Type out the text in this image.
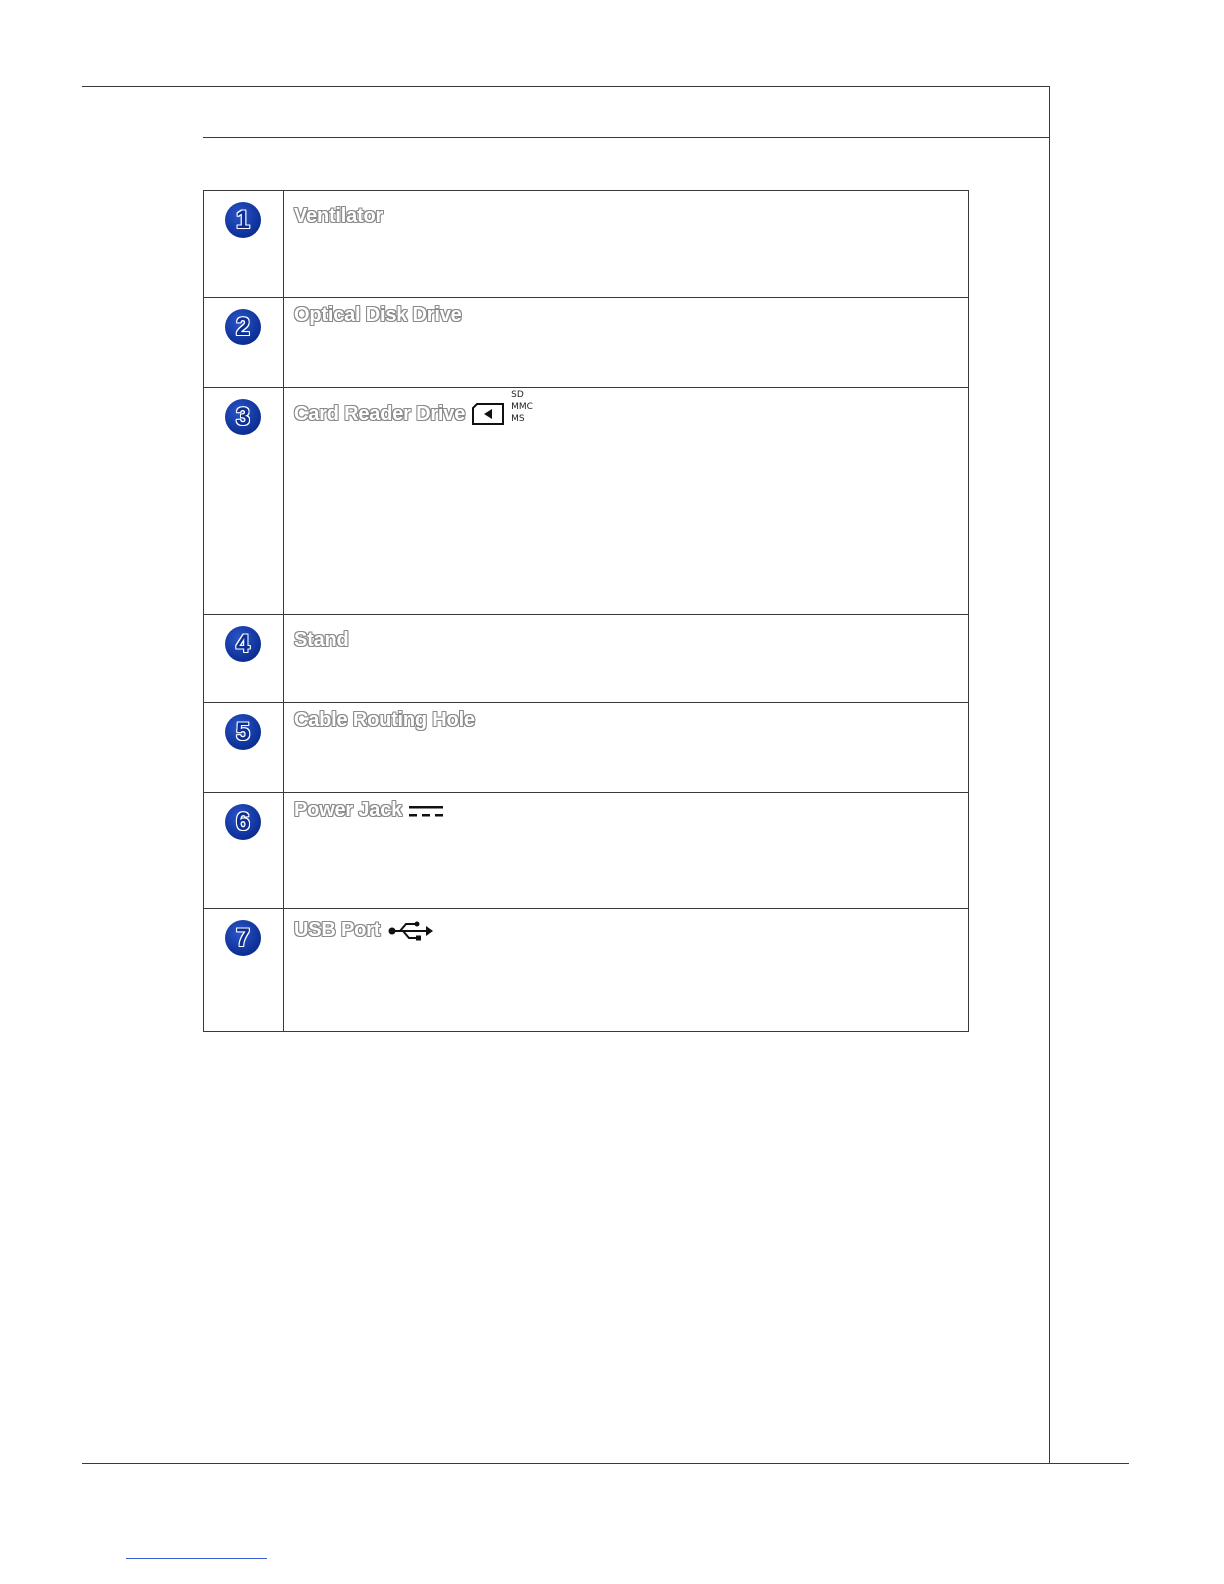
1	Ventilator
2	Optical Disk Drive
3	Card Reader Drive
SD
MMC
MS
4	Stand
5	Cable Routing Hole
6	Power Jack
7	USB Port
